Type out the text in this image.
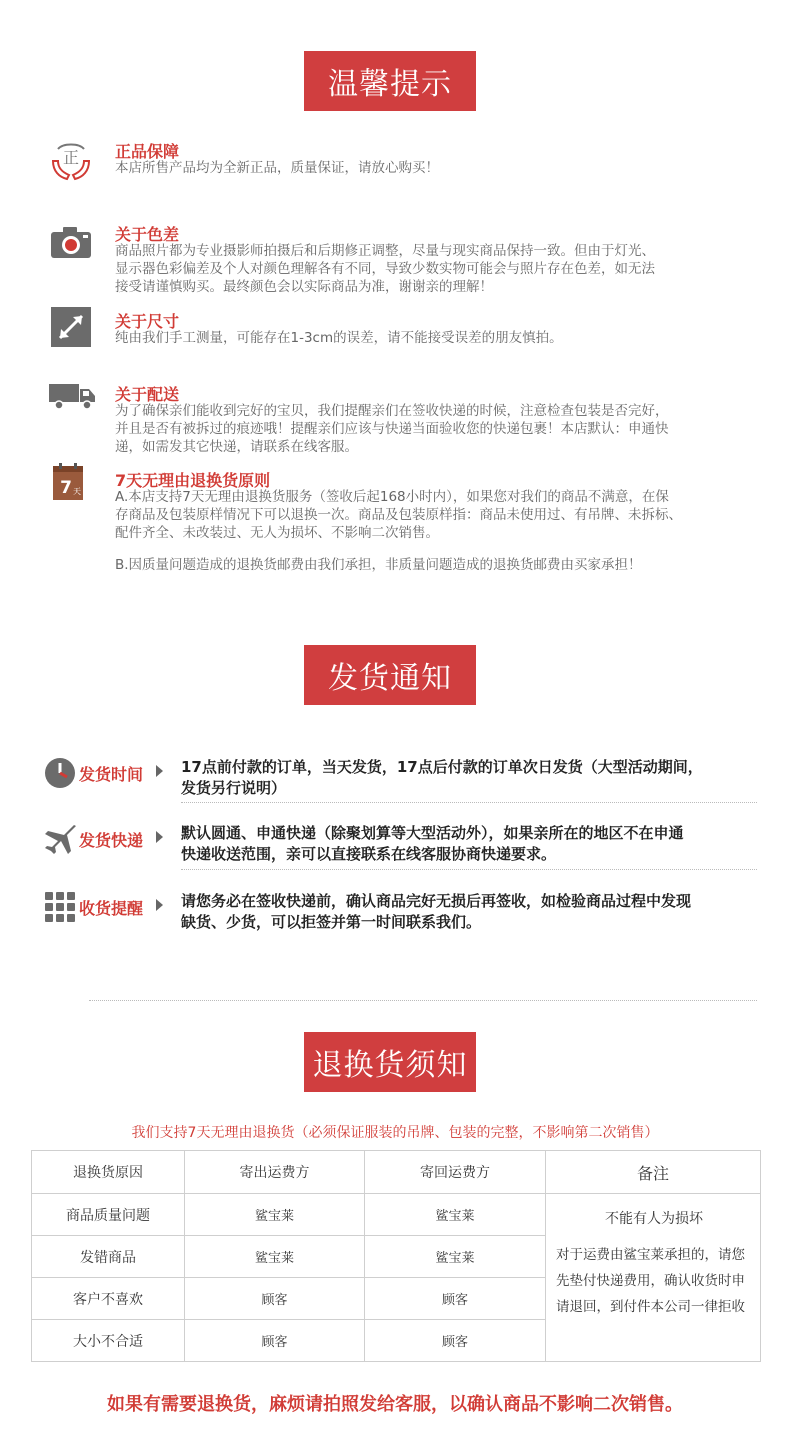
温馨提示
发货通知
退换货须知
正 正品保障

本店所售产品均为全新正品，质量保证，请放心购买！

关于色差

商品照片都为专业摄影师拍摄后和后期修正调整，尽量与现实商品保持一致。但由于灯光、

显示器色彩偏差及个人对颜色理解各有不同，导致少数实物可能会与照片存在色差，如无法

接受请谨慎购买。最终颜色会以实际商品为准，谢谢亲的理解！

关于尺寸

纯由我们手工测量，可能存在1-3cm的误差，请不能接受误差的朋友慎拍。

关于配送

为了确保亲们能收到完好的宝贝，我们提醒亲们在签收快递的时候，注意检查包装是否完好，

并且是否有被拆过的痕迹哦！提醒亲们应该与快递当面验收您的快递包裹！本店默认：申通快

递，如需发其它快递，请联系在线客服。

7 天
7天无理由退换货原则

A.本店支持7天无理由退换货服务（签收后起168小时内），如果您对我们的商品不满意，在保

存商品及包装原样情况下可以退换一次。商品及包装原样指：商品未使用过、有吊牌、未拆标、

配件齐全、未改装过、无人为损坏、不影响二次销售。

B.因质量问题造成的退换货邮费由我们承担，非质量问题造成的退换货邮费由买家承担！

发货时间	17点前付款的订单，当天发货，17点后付款的订单次日发货（大型活动期间，

发货另行说明）

发货快递	默认圆通、申通快递（除聚划算等大型活动外），如果亲所在的地区不在申通

快递收送范围，亲可以直接联系在线客服协商快递要求。

收货提醒	请您务必在签收快递前，确认商品完好无损后再签收，如检验商品过程中发现

缺货、少货，可以拒签并第一时间联系我们。

我们支持7天无理由退换货（必须保证服装的吊牌、包装的完整，不影响第二次销售）
退换货原因	寄出运费方	寄回运费方	备注
商品质量问题	鲨宝莱	鲨宝莱	不能有人为损坏
对于运费由鲨宝莱承担的，请您先垫付快递费用，确认收货时申请退回，到付件本公司一律拒收

发错商品	鲨宝莱	鲨宝莱	
客户不喜欢	顾客	顾客	
大小不合适	顾客	顾客	
如果有需要退换货，麻烦请拍照发给客服，以确认商品不影响二次销售。
